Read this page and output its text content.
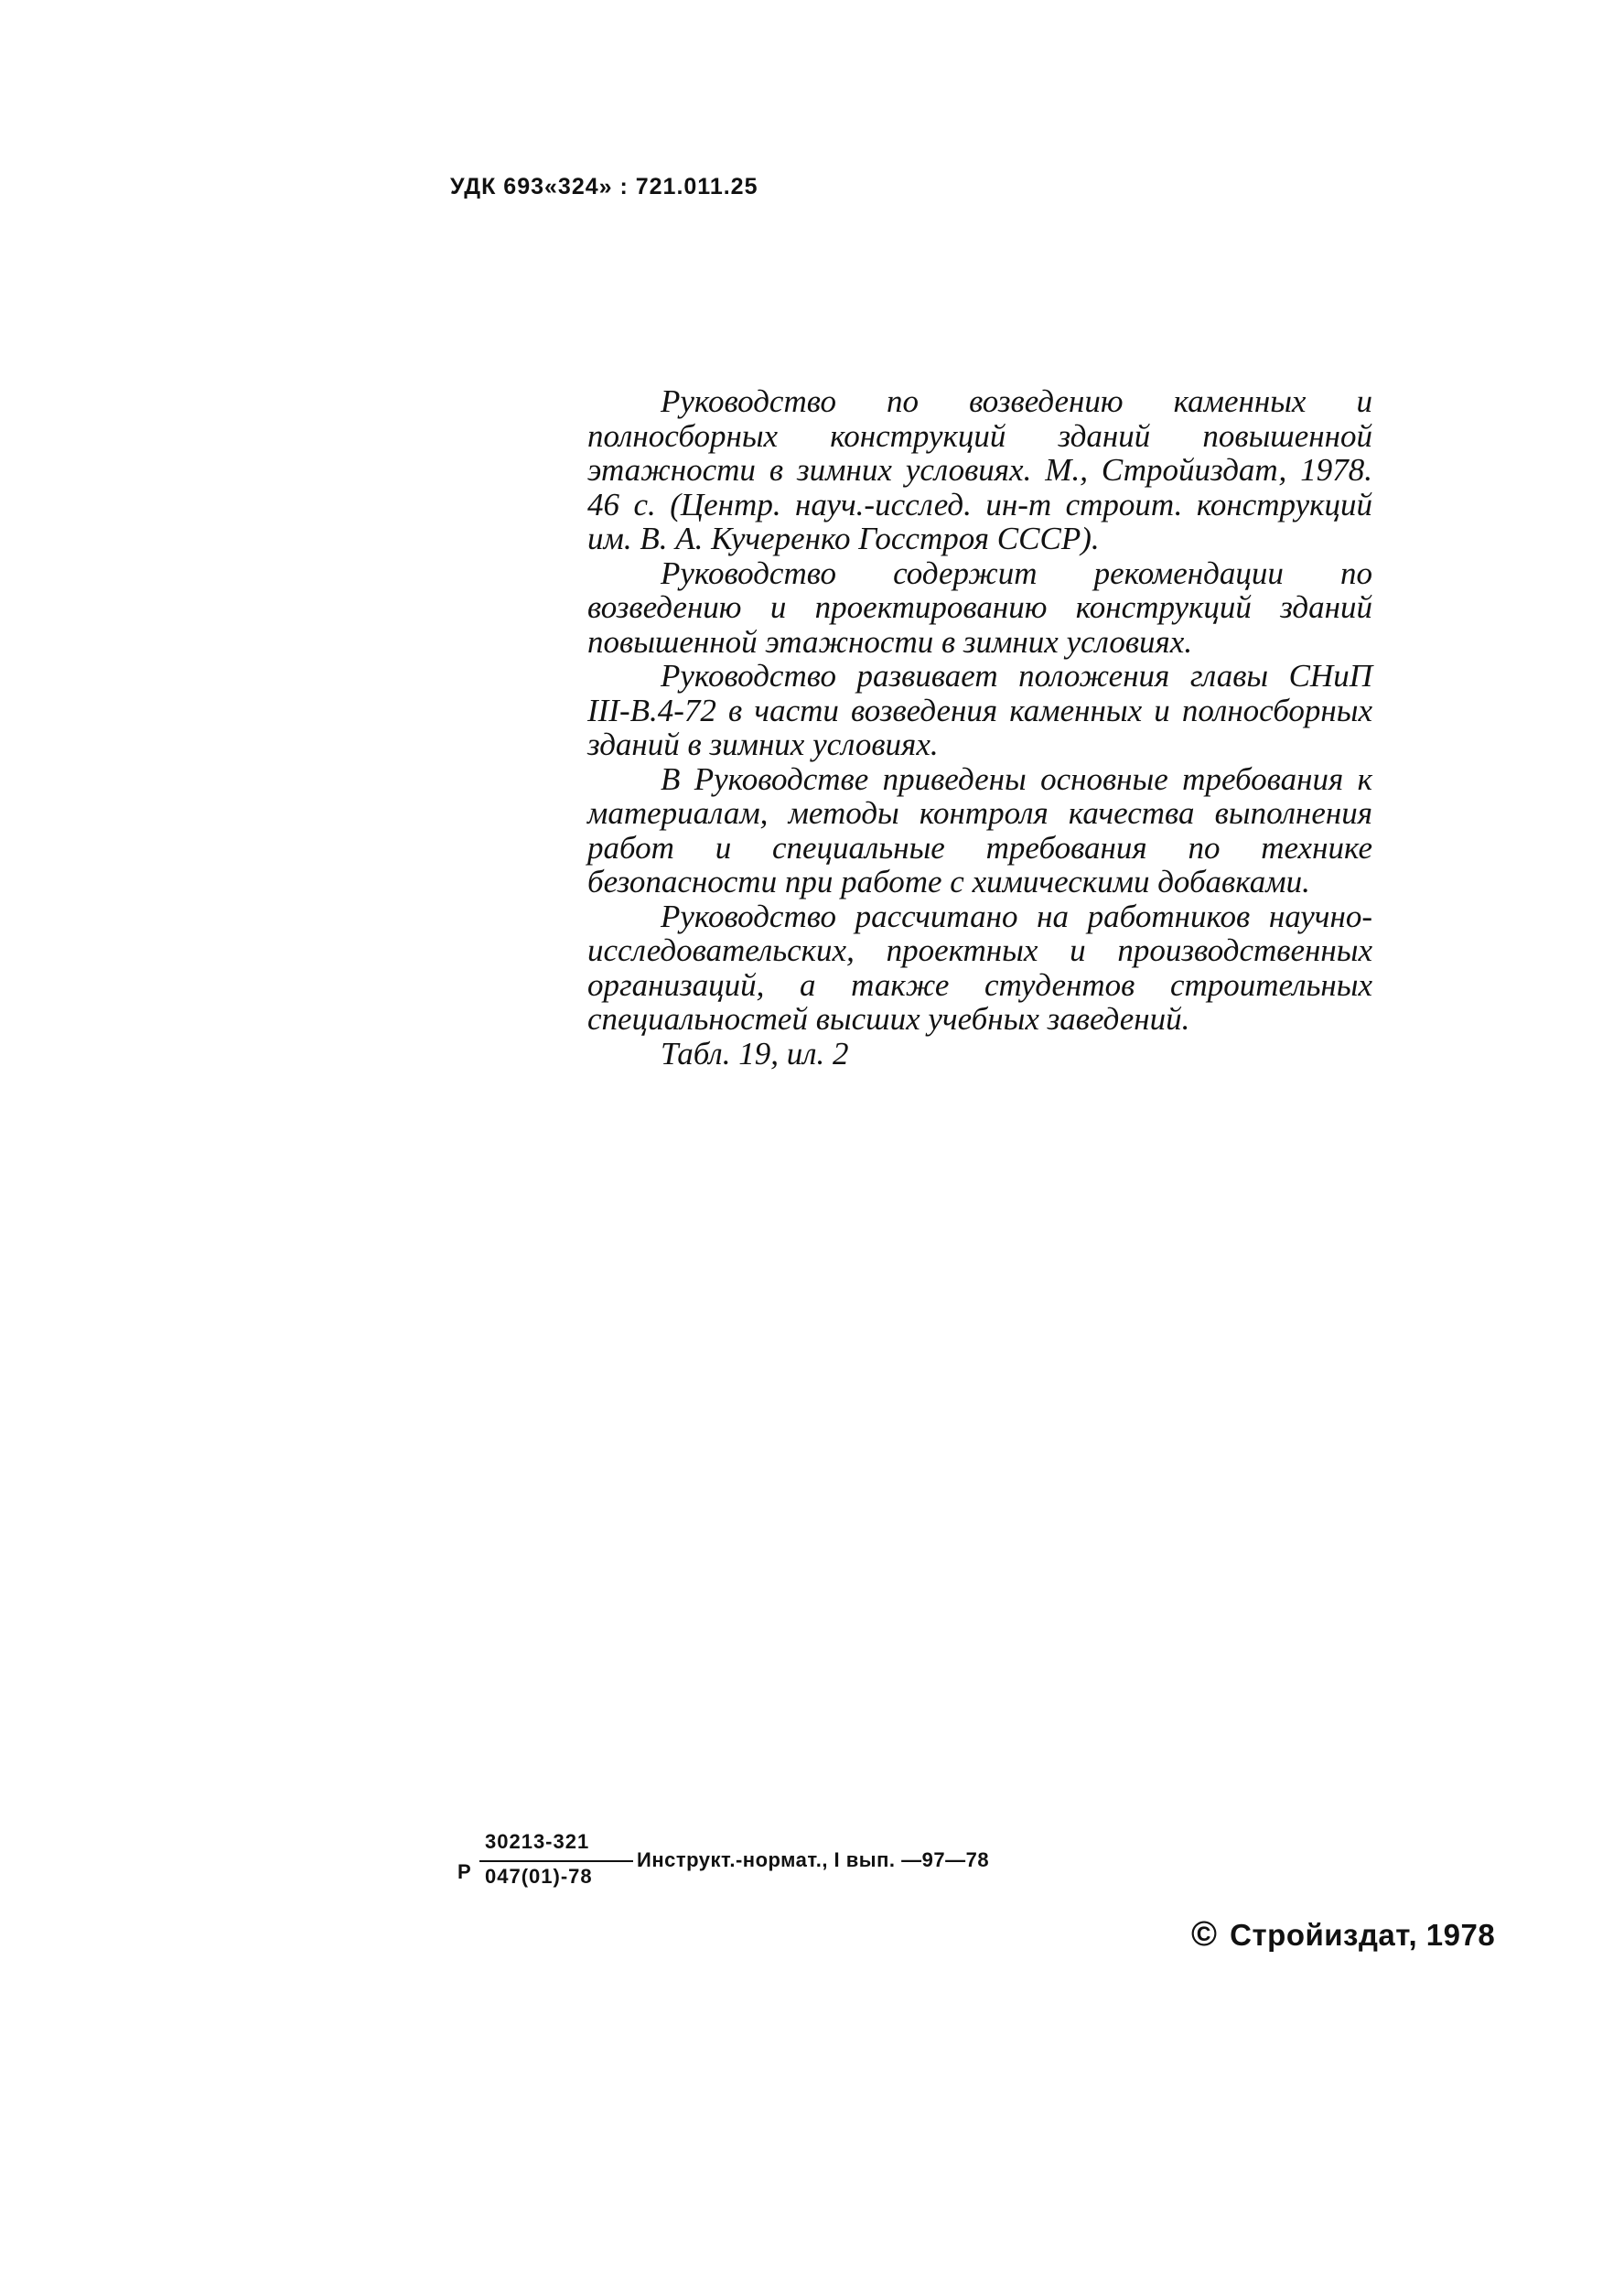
УДК 693«324» : 721.011.25

Руководство по возведению каменных и полносборных конструкций зданий повышенной этажности в зимних условиях. М., Стройиздат, 1978. 46 с. (Центр. науч.-исслед. ин-т строит. конструкций им. В. А. Кучеренко Госстроя СССР).

Руководство содержит рекомендации по возведению и проектированию конструкций зданий повышенной этажности в зимних условиях.

Руководство развивает положения главы СНиП III-В.4-72 в части возведения каменных и полносборных зданий в зимних условиях.

В Руководстве приведены основные требования к материалам, методы контроля качества выполнения работ и специальные требования по технике безопасности при работе с химическими добавками.

Руководство рассчитано на работников научно-исследовательских, проектных и производственных организаций, а также студентов строительных специальностей высших учебных заведений.

Табл. 19, ил. 2

Р
30213-321
047(01)-78
Инструкт.-нормат., I вып. —97—78
© Стройиздат, 1978
